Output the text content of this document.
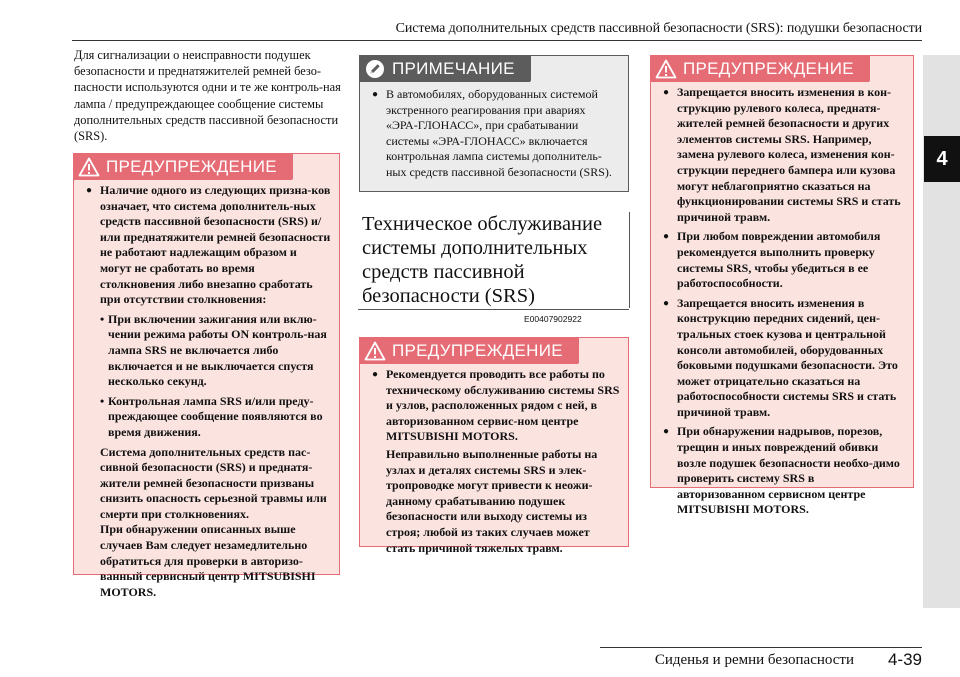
Система дополнительных средств пассивной безопасности (SRS): подушки безопасности
4
Для сигнализации о неисправности подушек безопасности и преднатяжителей ремней безо-пасности используются одни и те же контроль-ная лампа / предупреждающее сообщение системы дополнительных средств пассивной безопасности (SRS).
ПРЕДУПРЕЖДЕНИЕ
● Наличие одного из следующих призна-ков означает, что система дополнитель-ных средств пассивной безопасности (SRS) и/или преднатяжители ремней безопасности не работают надлежащим образом и могут не сработать во время столкновения либо внезапно сработать при отсутствии столкновения:
• При включении зажигания или вклю-чении режима работы ON контроль-ная лампа SRS не включается либо включается и не выключается спустя несколько секунд.
• Контрольная лампа SRS и/или преду-преждающее сообщение появляются во время движения.
Система дополнительных средств пас-сивной безопасности (SRS) и преднатя-жители ремней безопасности призваны снизить опасность серьезной травмы или смерти при столкновениях.
При обнаружении описанных выше случаев Вам следует незамедлительно обратиться для проверки в авторизо-ванный сервисный центр MITSUBISHI MOTORS.
ПРИМЕЧАНИЕ
● В автомобилях, оборудованных системой экстренного реагирования при авариях «ЭРА-ГЛОНАСС», при срабатывании системы «ЭРА-ГЛОНАСС» включается контрольная лампа системы дополнитель-ных средств пассивной безопасности (SRS).
Техническое обслуживание системы дополнительных средств пассивной безопасности (SRS)
E00407902922
ПРЕДУПРЕЖДЕНИЕ
● Рекомендуется проводить все работы по техническому обслуживанию системы SRS и узлов, расположенных рядом с ней, в авторизованном сервис-ном центре MITSUBISHI MOTORS.
Неправильно выполненные работы на узлах и деталях системы SRS и элек-тропроводке могут привести к неожи-данному срабатыванию подушек безопасности или выходу системы из строя; любой из таких случаев может стать причиной тяжелых травм.
ПРЕДУПРЕЖДЕНИЕ
● Запрещается вносить изменения в кон-струкцию рулевого колеса, преднатя-жителей ремней безопасности и других элементов системы SRS. Например, замена рулевого колеса, изменения кон-струкции переднего бампера или кузова могут неблагоприятно сказаться на функционировании системы SRS и стать причиной травм.
● При любом повреждении автомобиля рекомендуется выполнить проверку системы SRS, чтобы убедиться в ее работоспособности.
● Запрещается вносить изменения в конструкцию передних сидений, цен-тральных стоек кузова и центральной консоли автомобилей, оборудованных боковыми подушками безопасности. Это может отрицательно сказаться на работоспособности системы SRS и стать причиной травм.
● При обнаружении надрывов, порезов, трещин и иных повреждений обивки возле подушек безопасности необхо-димо проверить систему SRS в авторизованном сервисном центре MITSUBISHI MOTORS.
Сиденья и ремни безопасности 4-39
